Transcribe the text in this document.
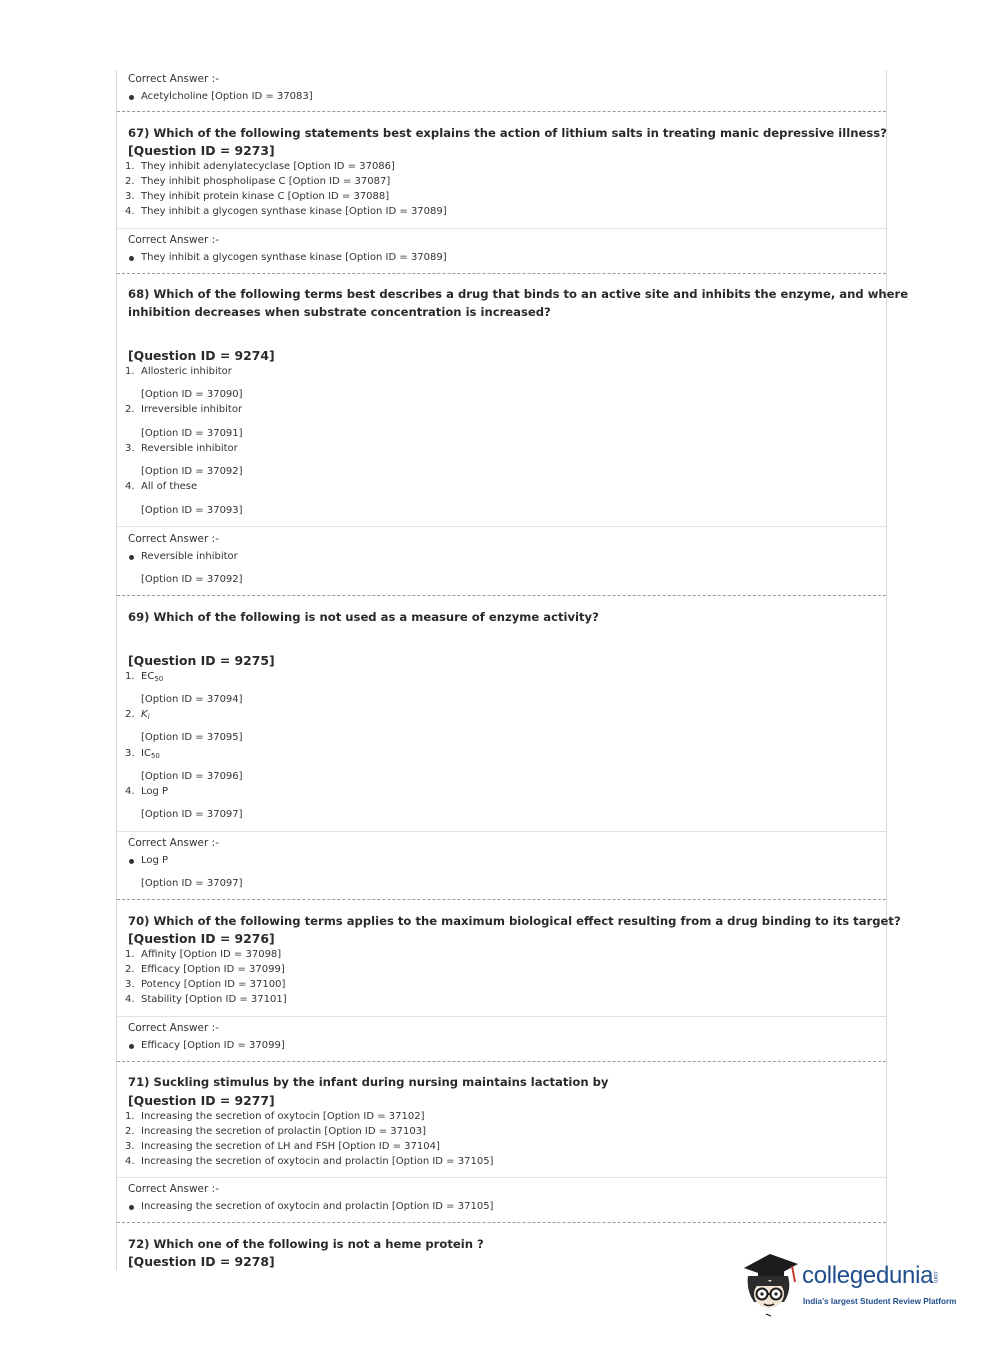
Correct Answer :-
Acetylcholine [Option ID = 37083]
67) Which of the following statements best explains the action of lithium salts in treating manic depressive illness?
[Question ID = 9273]
1. They inhibit adenylatecyclase [Option ID = 37086]
2. They inhibit phospholipase C [Option ID = 37087]
3. They inhibit protein kinase C [Option ID = 37088]
4. They inhibit a glycogen synthase kinase [Option ID = 37089]
Correct Answer :-
They inhibit a glycogen synthase kinase [Option ID = 37089]
68) Which of the following terms best describes a drug that binds to an active site and inhibits the enzyme, and where
inhibition decreases when substrate concentration is increased?
[Question ID = 9274]
1. Allosteric inhibitor
[Option ID = 37090]
2. Irreversible inhibitor
[Option ID = 37091]
3. Reversible inhibitor
[Option ID = 37092]
4. All of these
[Option ID = 37093]
Correct Answer :-
Reversible inhibitor
[Option ID = 37092]
69) Which of the following is not used as a measure of enzyme activity?
[Question ID = 9275]
1. $EC_{50}$
[Option ID = 37094]
2. $K_i$
[Option ID = 37095]
3. $IC_{50}$
[Option ID = 37096]
4. Log P
[Option ID = 37097]
Correct Answer :-
Log P
[Option ID = 37097]
70) Which of the following terms applies to the maximum biological effect resulting from a drug binding to its target?
[Question ID = 9276]
1. Affinity [Option ID = 37098]
2. Efficacy [Option ID = 37099]
3. Potency [Option ID = 37100]
4. Stability [Option ID = 37101]
Correct Answer :-
Efficacy [Option ID = 37099]
71) Suckling stimulus by the infant during nursing maintains lactation by
[Question ID = 9277]
1. Increasing the secretion of oxytocin [Option ID = 37102]
2. Increasing the secretion of prolactin [Option ID = 37103]
3. Increasing the secretion of LH and FSH [Option ID = 37104]
4. Increasing the secretion of oxytocin and prolactin [Option ID = 37105]
Correct Answer :-
Increasing the secretion of oxytocin and prolactin [Option ID = 37105]
72) Which one of the following is not a heme protein ?
[Question ID = 9278]
collegedunia
.com
India's largest Student Review Platform
